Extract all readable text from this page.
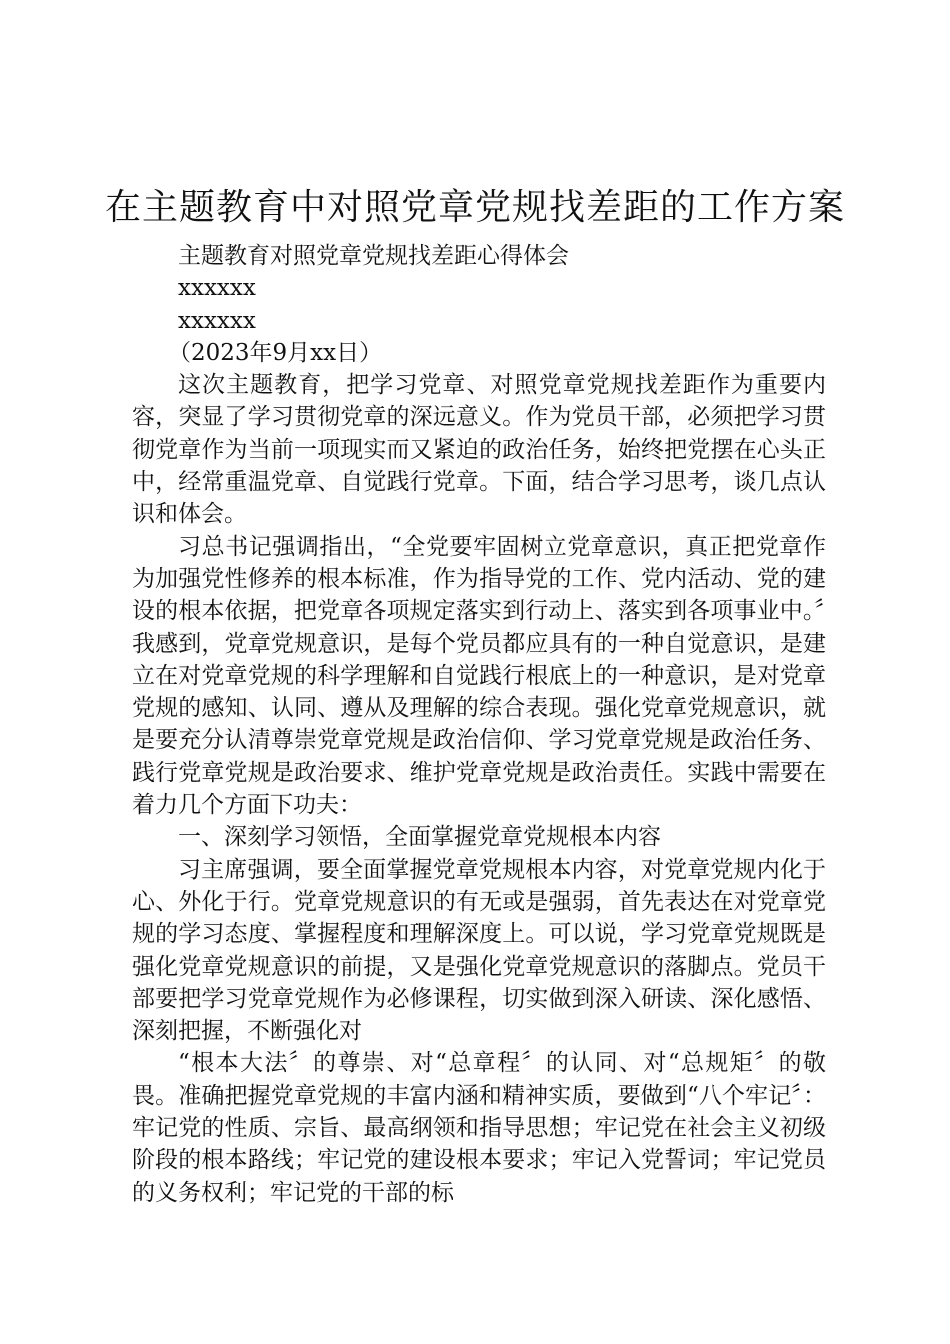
在主题教育中对照党章党规找差距的工作方案

主题教育对照党章党规找差距心得体会

xxxxxx

xxxxxx

（2023年9月xx日）

这次主题教育，把学习党章、对照党章党规找差距作为重要内容，突显了学习贯彻党章的深远意义。作为党员干部，必须把学习贯彻党章作为当前一项现实而又紧迫的政治任务，始终把党摆在心头正中，经常重温党章、自觉践行党章。下面，结合学习思考，谈几点认识和体会。

习总书记强调指出，“全党要牢固树立党章意识，真正把党章作为加强党性修养的根本标准，作为指导党的工作、党内活动、党的建设的根本依据，把党章各项规定落实到行动上、落实到各项事业中。〞我感到，党章党规意识，是每个党员都应具有的一种自觉意识，是建立在对党章党规的科学理解和自觉践行根底上的一种意识，是对党章党规的感知、认同、遵从及理解的综合表现。强化党章党规意识，就是要充分认清尊崇党章党规是政治信仰、学习党章党规是政治任务、践行党章党规是政治要求、维护党章党规是政治责任。实践中需要在着力几个方面下功夫：

一、深刻学习领悟，全面掌握党章党规根本内容

习主席强调，要全面掌握党章党规根本内容，对党章党规内化于心、外化于行。党章党规意识的有无或是强弱，首先表达在对党章党规的学习态度、掌握程度和理解深度上。可以说，学习党章党规既是强化党章党规意识的前提，又是强化党章党规意识的落脚点。党员干部要把学习党章党规作为必修课程，切实做到深入研读、深化感悟、深刻把握，不断强化对

“根本大法〞的尊崇、对“总章程〞的认同、对“总规矩〞的敬畏。准确把握党章党规的丰富内涵和精神实质，要做到“八个牢记〞：牢记党的性质、宗旨、最高纲领和指导思想；牢记党在社会主义初级阶段的根本路线；牢记党的建设根本要求；牢记入党誓词；牢记党员的义务权利；牢记党的干部的标
